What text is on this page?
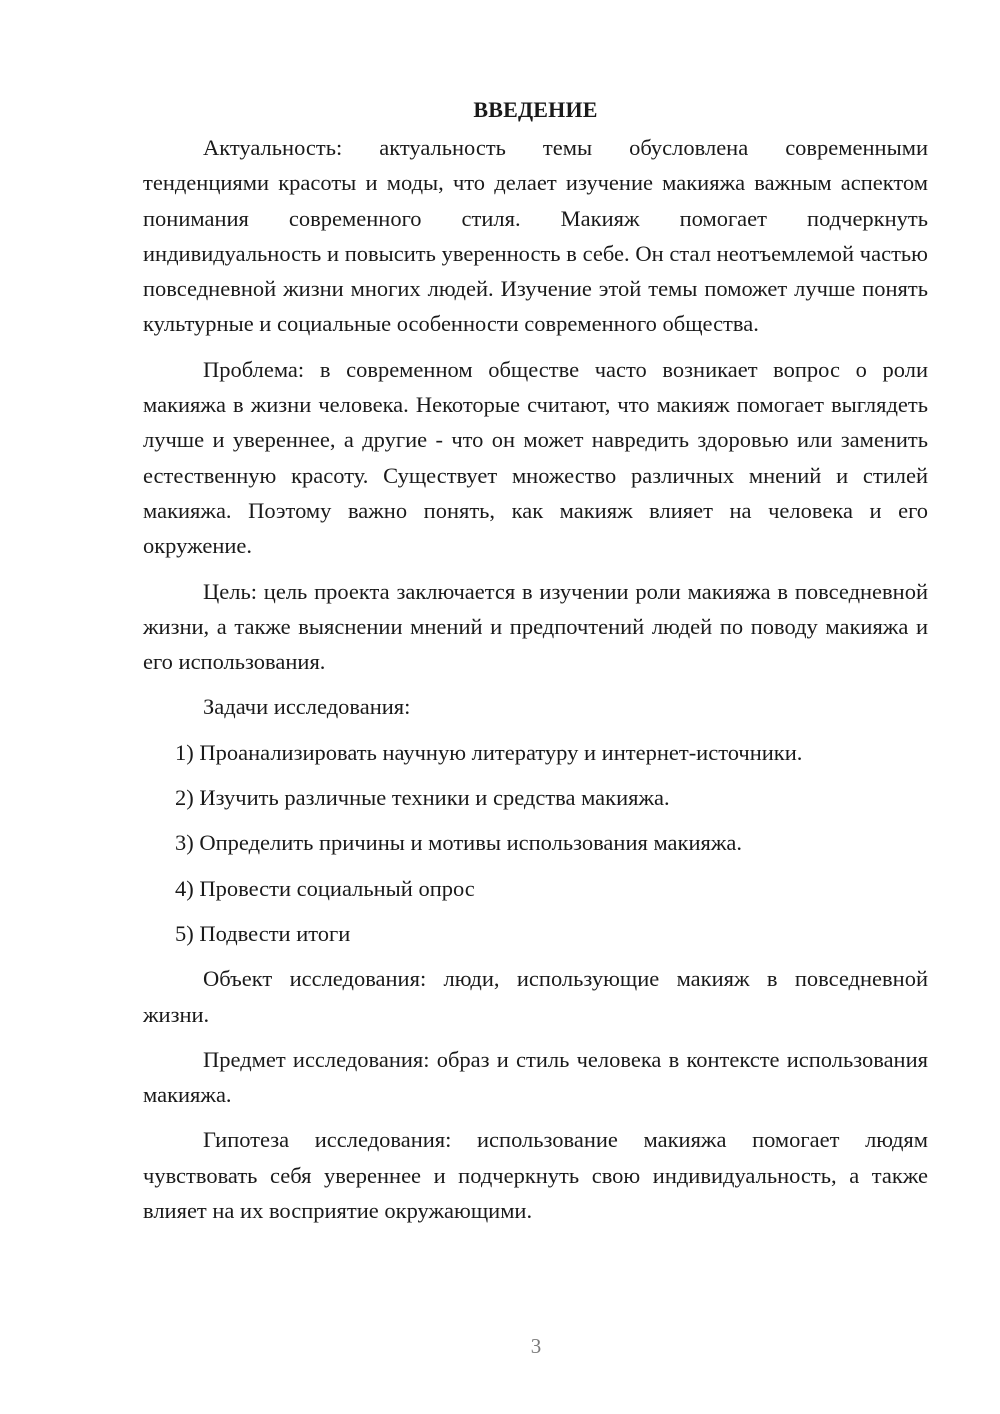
ВВЕДЕНИЕ

Актуальность: актуальность темы обусловлена современными тенденциями красоты и моды, что делает изучение макияжа важным аспектом понимания современного стиля. Макияж помогает подчеркнуть индивидуальность и повысить уверенность в себе. Он стал неотъемлемой частью повседневной жизни многих людей. Изучение этой темы поможет лучше понять культурные и социальные особенности современного общества.

Проблема: в современном обществе часто возникает вопрос о роли макияжа в жизни человека. Некоторые считают, что макияж помогает выглядеть лучше и увереннее, а другие - что он может навредить здоровью или заменить естественную красоту. Существует множество различных мнений и стилей макияжа. Поэтому важно понять, как макияж влияет на человека и его окружение.

Цель: цель проекта заключается в изучении роли макияжа в повседневной жизни, а также выяснении мнений и предпочтений людей по поводу макияжа и его использования.

Задачи исследования:

1) Проанализировать научную литературу и интернет-источники.

2) Изучить различные техники и средства макияжа.

3) Определить причины и мотивы использования макияжа.

4) Провести социальный опрос

5) Подвести итоги

Объект исследования: люди, использующие макияж в повседневной жизни.

Предмет исследования: образ и стиль человека в контексте использования макияжа.

Гипотеза исследования: использование макияжа помогает людям чувствовать себя увереннее и подчеркнуть свою индивидуальность, а также влияет на их восприятие окружающими.

3
